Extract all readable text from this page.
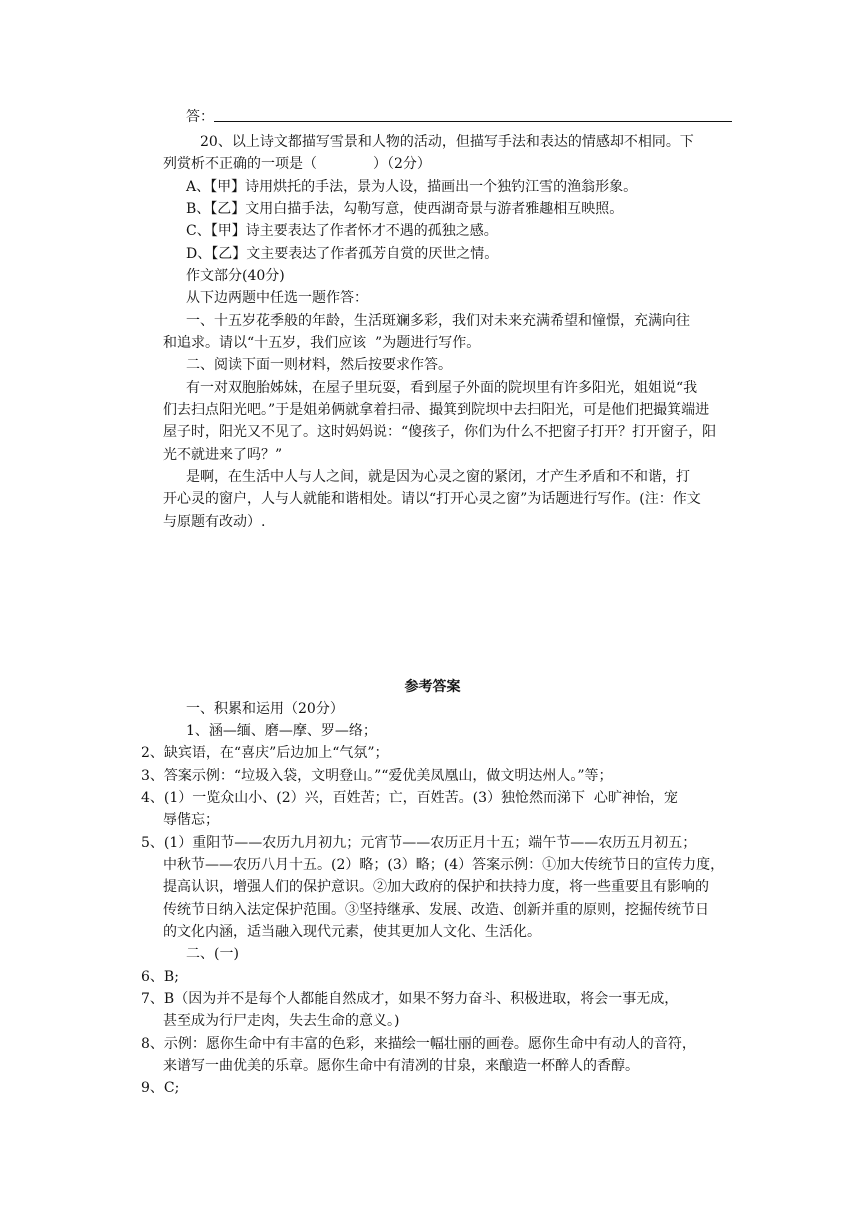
答：
20、以上诗文都描写雪景和人物的活动，但描写手法和表达的情感却不相同。下
列赏析不正确的一项是（　　　　）（2分）
A、【甲】诗用烘托的手法，景为人设，描画出一个独钓江雪的渔翁形象。
B、【乙】文用白描手法，勾勒写意，使西湖奇景与游者雅趣相互映照。
C、【甲】诗主要表达了作者怀才不遇的孤独之感。
D、【乙】文主要表达了作者孤芳自赏的厌世之情。
作文部分(40分)
从下边两题中任选一题作答：
一、十五岁花季般的年龄，生活斑斓多彩，我们对未来充满希望和憧憬，充满向往
和追求。请以“十五岁，我们应该  ”为题进行写作。
二、阅读下面一则材料，然后按要求作答。
有一对双胞胎姊妹，在屋子里玩耍，看到屋子外面的院坝里有许多阳光，姐姐说“我
们去扫点阳光吧。”于是姐弟俩就拿着扫帚、撮箕到院坝中去扫阳光，可是他们把撮箕端进
屋子时，阳光又不见了。这时妈妈说：“傻孩子，你们为什么不把窗子打开？打开窗子，阳
光不就进来了吗？”
是啊，在生活中人与人之间，就是因为心灵之窗的紧闭，才产生矛盾和不和谐，打
开心灵的窗户，人与人就能和谐相处。请以“打开心灵之窗”为话题进行写作。(注：作文
与原题有改动）.
参考答案
一、积累和运用（20分）
1、涵—缅、磨—摩、罗—络；
2、缺宾语，在“喜庆”后边加上“气氛”；
3、答案示例：“垃圾入袋，文明登山。”“爱优美凤凰山，做文明达州人。”等；
4、(1）一览众山小、(2）兴，百姓苦；亡，百姓苦。(3）独怆然而涕下  心旷神怡，宠
辱偕忘；
5、(1）重阳节——农历九月初九；元宵节——农历正月十五；端午节——农历五月初五；
中秋节——农历八月十五。(2）略；(3）略；(4）答案示例：①加大传统节日的宣传力度，
提高认识，增强人们的保护意识。②加大政府的保护和扶持力度，将一些重要且有影响的
传统节日纳入法定保护范围。③坚持继承、发展、改造、创新并重的原则，挖掘传统节日
的文化内涵，适当融入现代元素，使其更加人文化、生活化。
二、(一)
6、B;
7、B（因为并不是每个人都能自然成才，如果不努力奋斗、积极进取，将会一事无成，
甚至成为行尸走肉，失去生命的意义。)
8、示例：愿你生命中有丰富的色彩，来描绘一幅壮丽的画卷。愿你生命中有动人的音符，
来谱写一曲优美的乐章。愿你生命中有清冽的甘泉，来酿造一杯醉人的香醇。
9、C;
